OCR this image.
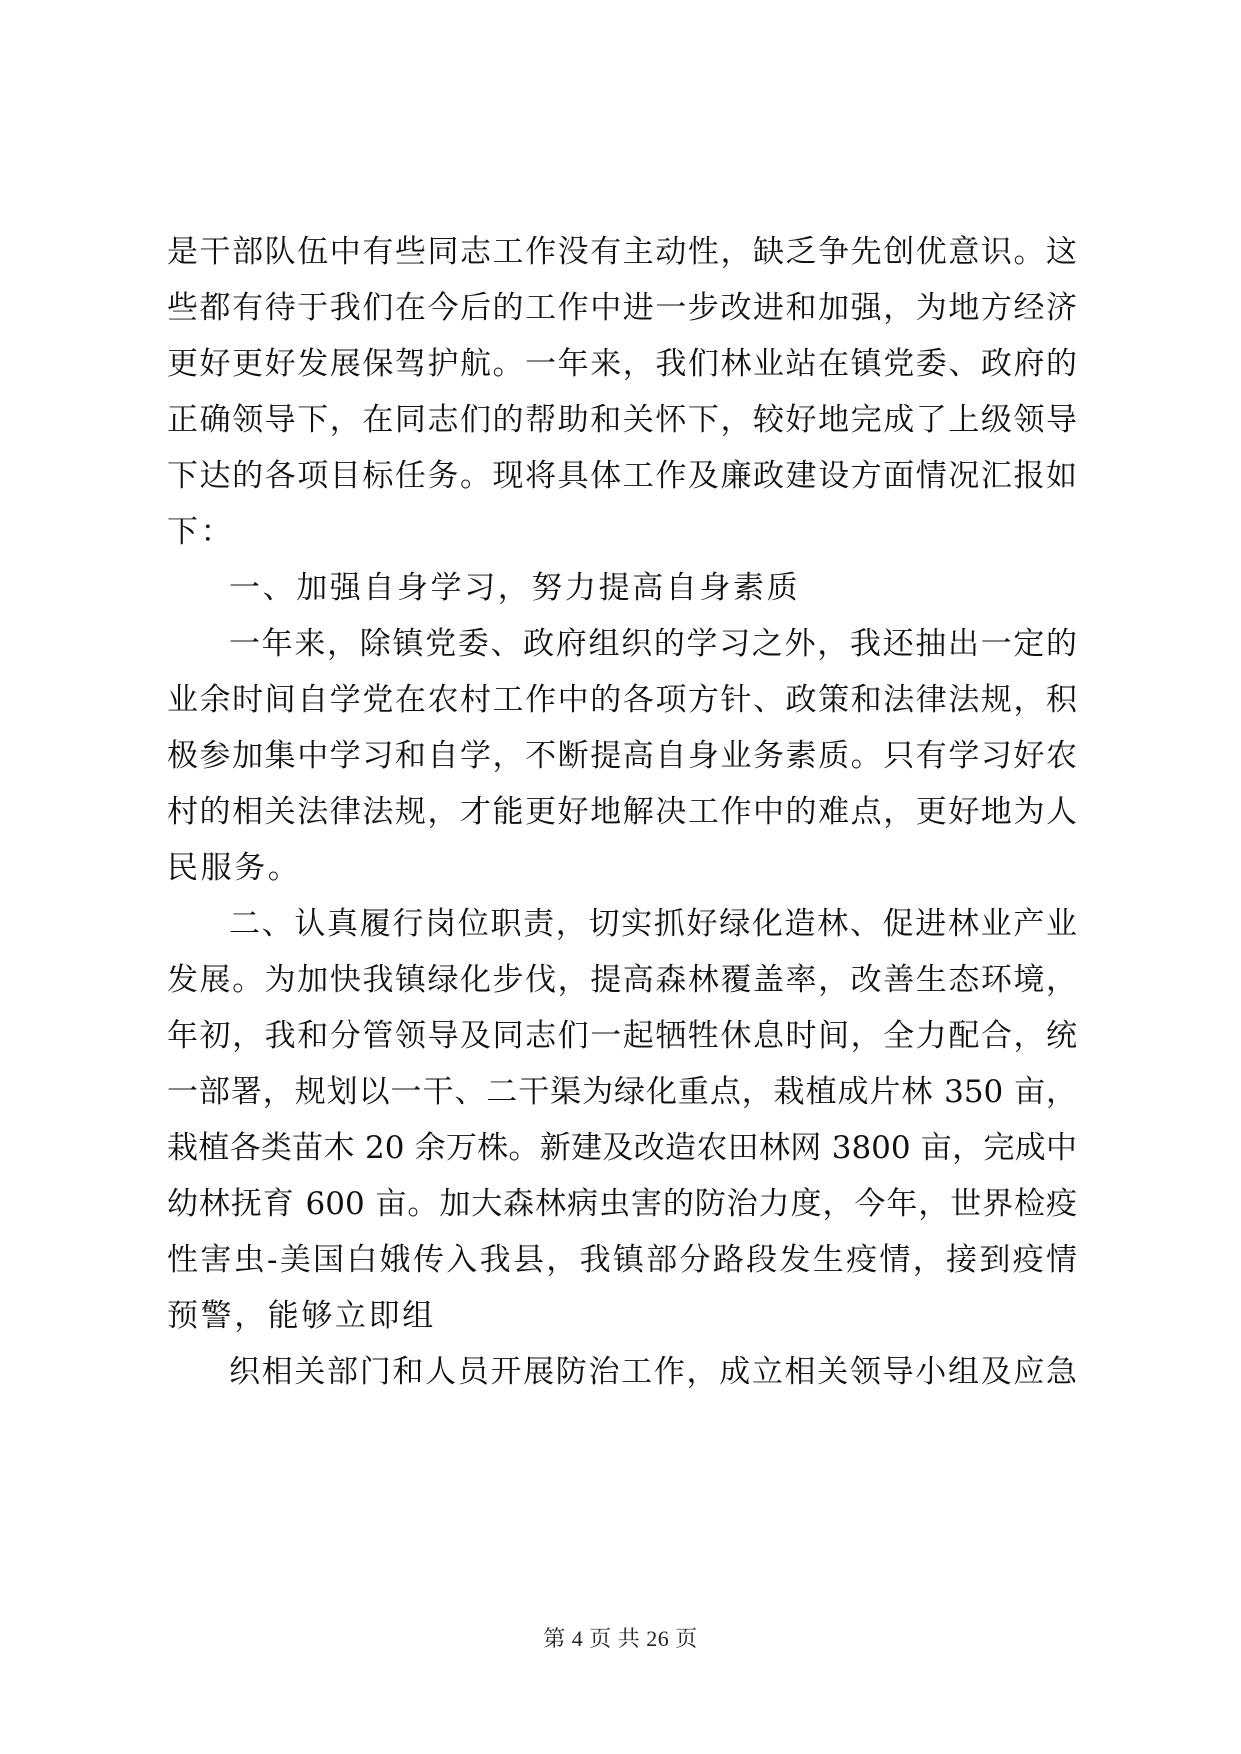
是干部队伍中有些同志工作没有主动性，缺乏争先创优意识。这
些都有待于我们在今后的工作中进一步改进和加强，为地方经济
更好更好发展保驾护航。一年来，我们林业站在镇党委、政府的
正确领导下，在同志们的帮助和关怀下，较好地完成了上级领导
下达的各项目标任务。现将具体工作及廉政建设方面情况汇报如
下：
一、加强自身学习，努力提高自身素质
一年来，除镇党委、政府组织的学习之外，我还抽出一定的
业余时间自学党在农村工作中的各项方针、政策和法律法规，积
极参加集中学习和自学，不断提高自身业务素质。只有学习好农
村的相关法律法规，才能更好地解决工作中的难点，更好地为人
民服务。
二、认真履行岗位职责，切实抓好绿化造林、促进林业产业
发展。为加快我镇绿化步伐，提高森林覆盖率，改善生态环境，
年初，我和分管领导及同志们一起牺牲休息时间，全力配合，统
一部署，规划以一干、二干渠为绿化重点，栽植成片林 350 亩，
栽植各类苗木 20 余万株。新建及改造农田林网 3800 亩，完成中
幼林抚育 600 亩。加大森林病虫害的防治力度，今年，世界检疫
性害虫-美国白娥传入我县，我镇部分路段发生疫情，接到疫情
预警，能够立即组
织相关部门和人员开展防治工作，成立相关领导小组及应急
第 4 页 共 26 页
